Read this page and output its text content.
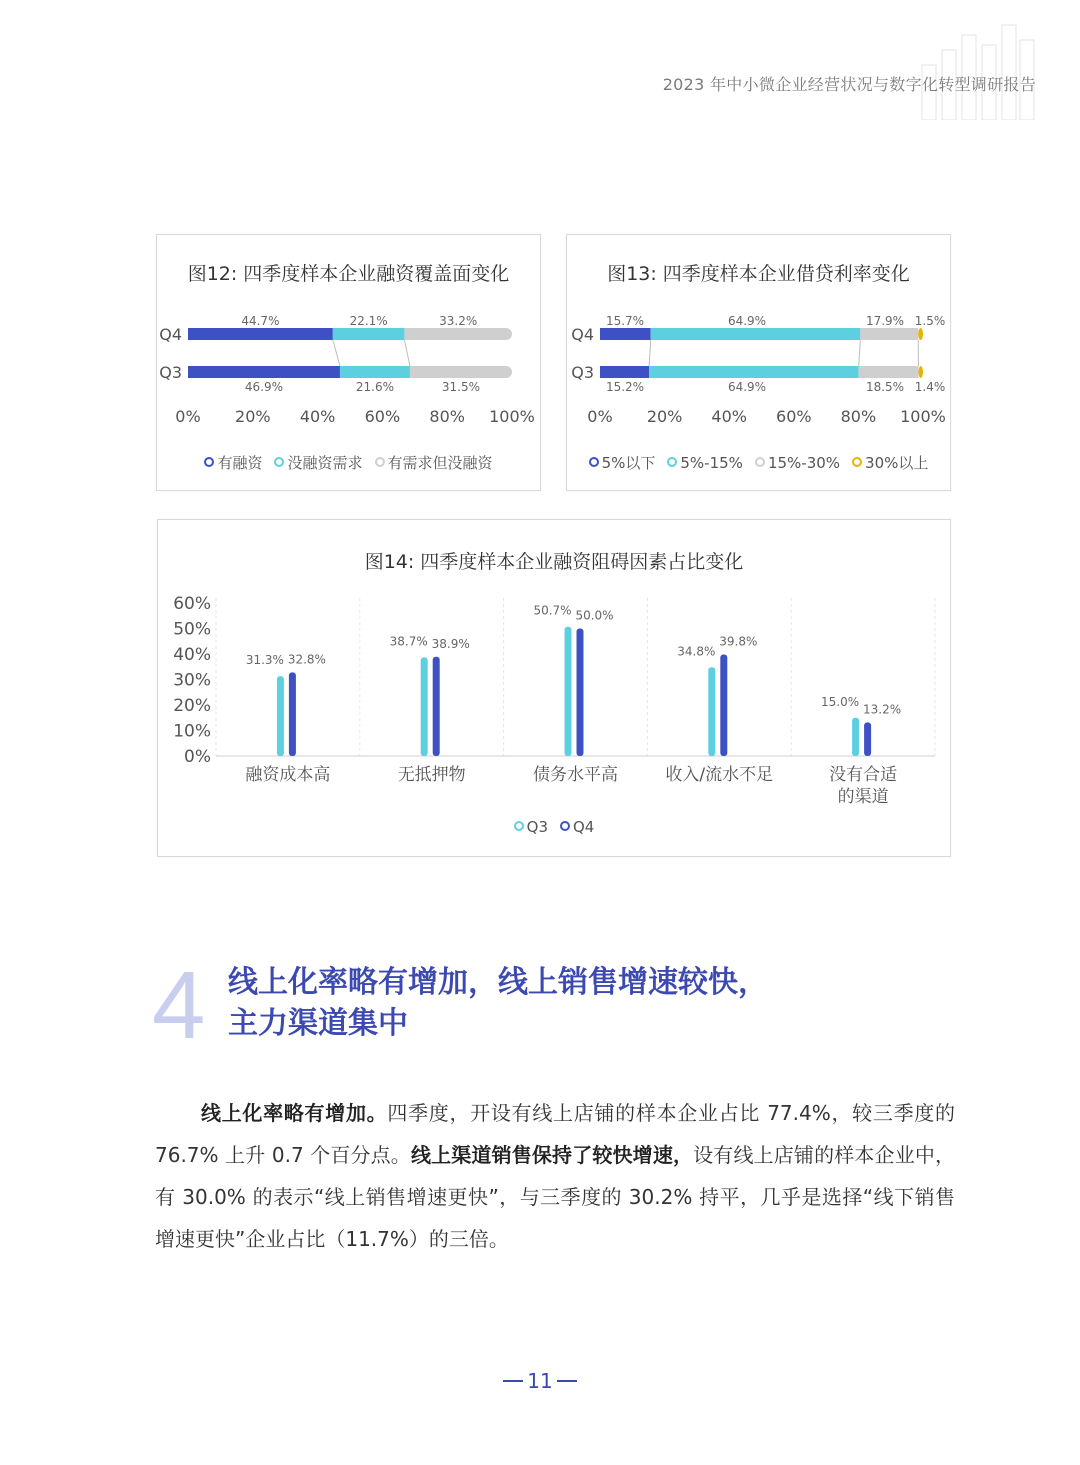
2023 年中小微企业经营状况与数字化转型调研报告
图12: 四季度样本企业融资覆盖面变化
Q4
44.7%	22.1%	33.2%
Q3
46.9%	21.6%	31.5%
0% 20% 40% 60% 80% 100%
有融资 没融资需求 有需求但没融资
图13: 四季度样本企业借贷利率变化
Q4
15.7%	64.9%	17.9% 1.5%
Q3
15.2%	64.9%	18.5% 1.4%
0% 20% 40% 60% 80% 100%
5%以下 5%-15% 15%-30% 30%以上
图14: 四季度样本企业融资阻碍因素占比变化
0%
10%
20%
30%
40%
50%
60%
31.3% 32.8%
融资成本高
38.7% 38.9%
无抵押物
50.7% 50.0%
债务水平高
34.8%
39.8%
收入/流水不足
15.0%
13.2%
没有合适
的渠道
Q3 Q4
4 线上化率略有增加，线上销售增速较快，
主力渠道集中
线上化率略有增加。四季度，开设有线上店铺的样本企业占比 77.4%，较三季度的 76.7% 上升 0.7 个百分点。线上渠道销售保持了较快增速，设有线上店铺的样本企业中，有 30.0% 的表示“线上销售增速更快”，与三季度的 30.2% 持平，几乎是选择“线下销售增速更快”企业占比（11.7%）的三倍。
11
